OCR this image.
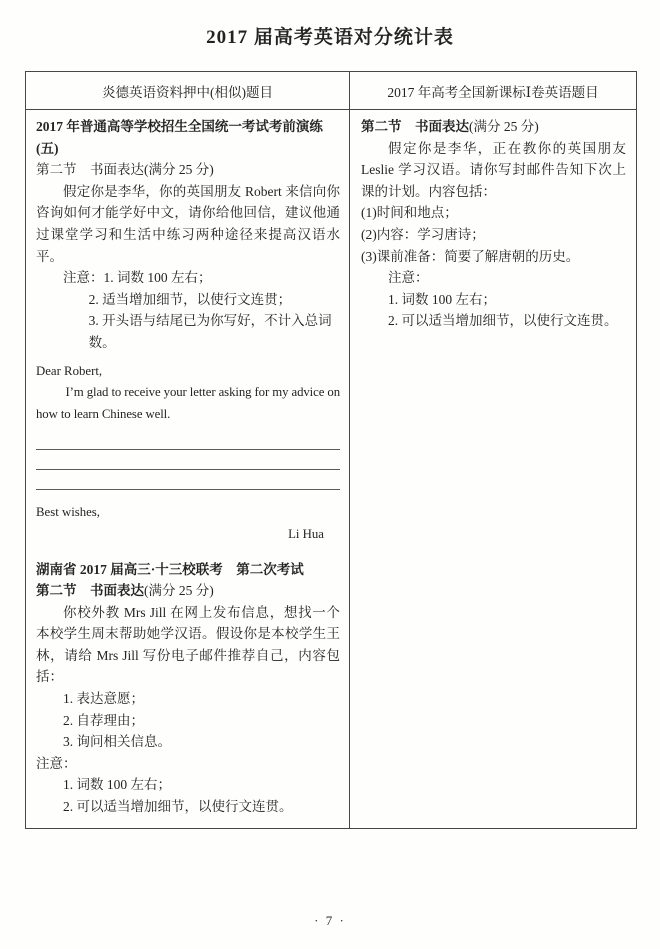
2017 届高考英语对分统计表
炎德英语资料押中(相似)题目	2017 年高考全国新课标Ⅰ卷英语题目

2017 年普通高等学校招生全国统一考试考前演练(五)

第二节　书面表达(满分 25 分)

假定你是李华，你的英国朋友 Robert 来信向你咨询如何才能学好中文，请你给他回信，建议他通过课堂学习和生活中练习两种途径来提高汉语水平。

注意：1. 词数 100 左右；

2. 适当增加细节，以使行文连贯；

3. 开头语与结尾已为你写好，不计入总词数。

Dear Robert,

I’m glad to receive your letter asking for my advice on how to learn Chinese well.

Best wishes,

Li Hua

湖南省 2017 届高三·十三校联考　第二次考试

第二节　书面表达(满分 25 分)

你校外教 Mrs Jill 在网上发布信息，想找一个本校学生周末帮助她学汉语。假设你是本校学生王林，请给 Mrs Jill 写份电子邮件推荐自己，内容包括：

1. 表达意愿；

2. 自荐理由；

3. 询问相关信息。

注意：

1. 词数 100 左右；

2. 可以适当增加细节，以使行文连贯。

第二节　书面表达(满分 25 分)

假定你是李华，正在教你的英国朋友 Leslie 学习汉语。请你写封邮件告知下次上课的计划。内容包括：

(1)时间和地点；

(2)内容：学习唐诗；

(3)课前准备：简要了解唐朝的历史。

注意：

1. 词数 100 左右；

2. 可以适当增加细节，以使行文连贯。

· 7 ·
